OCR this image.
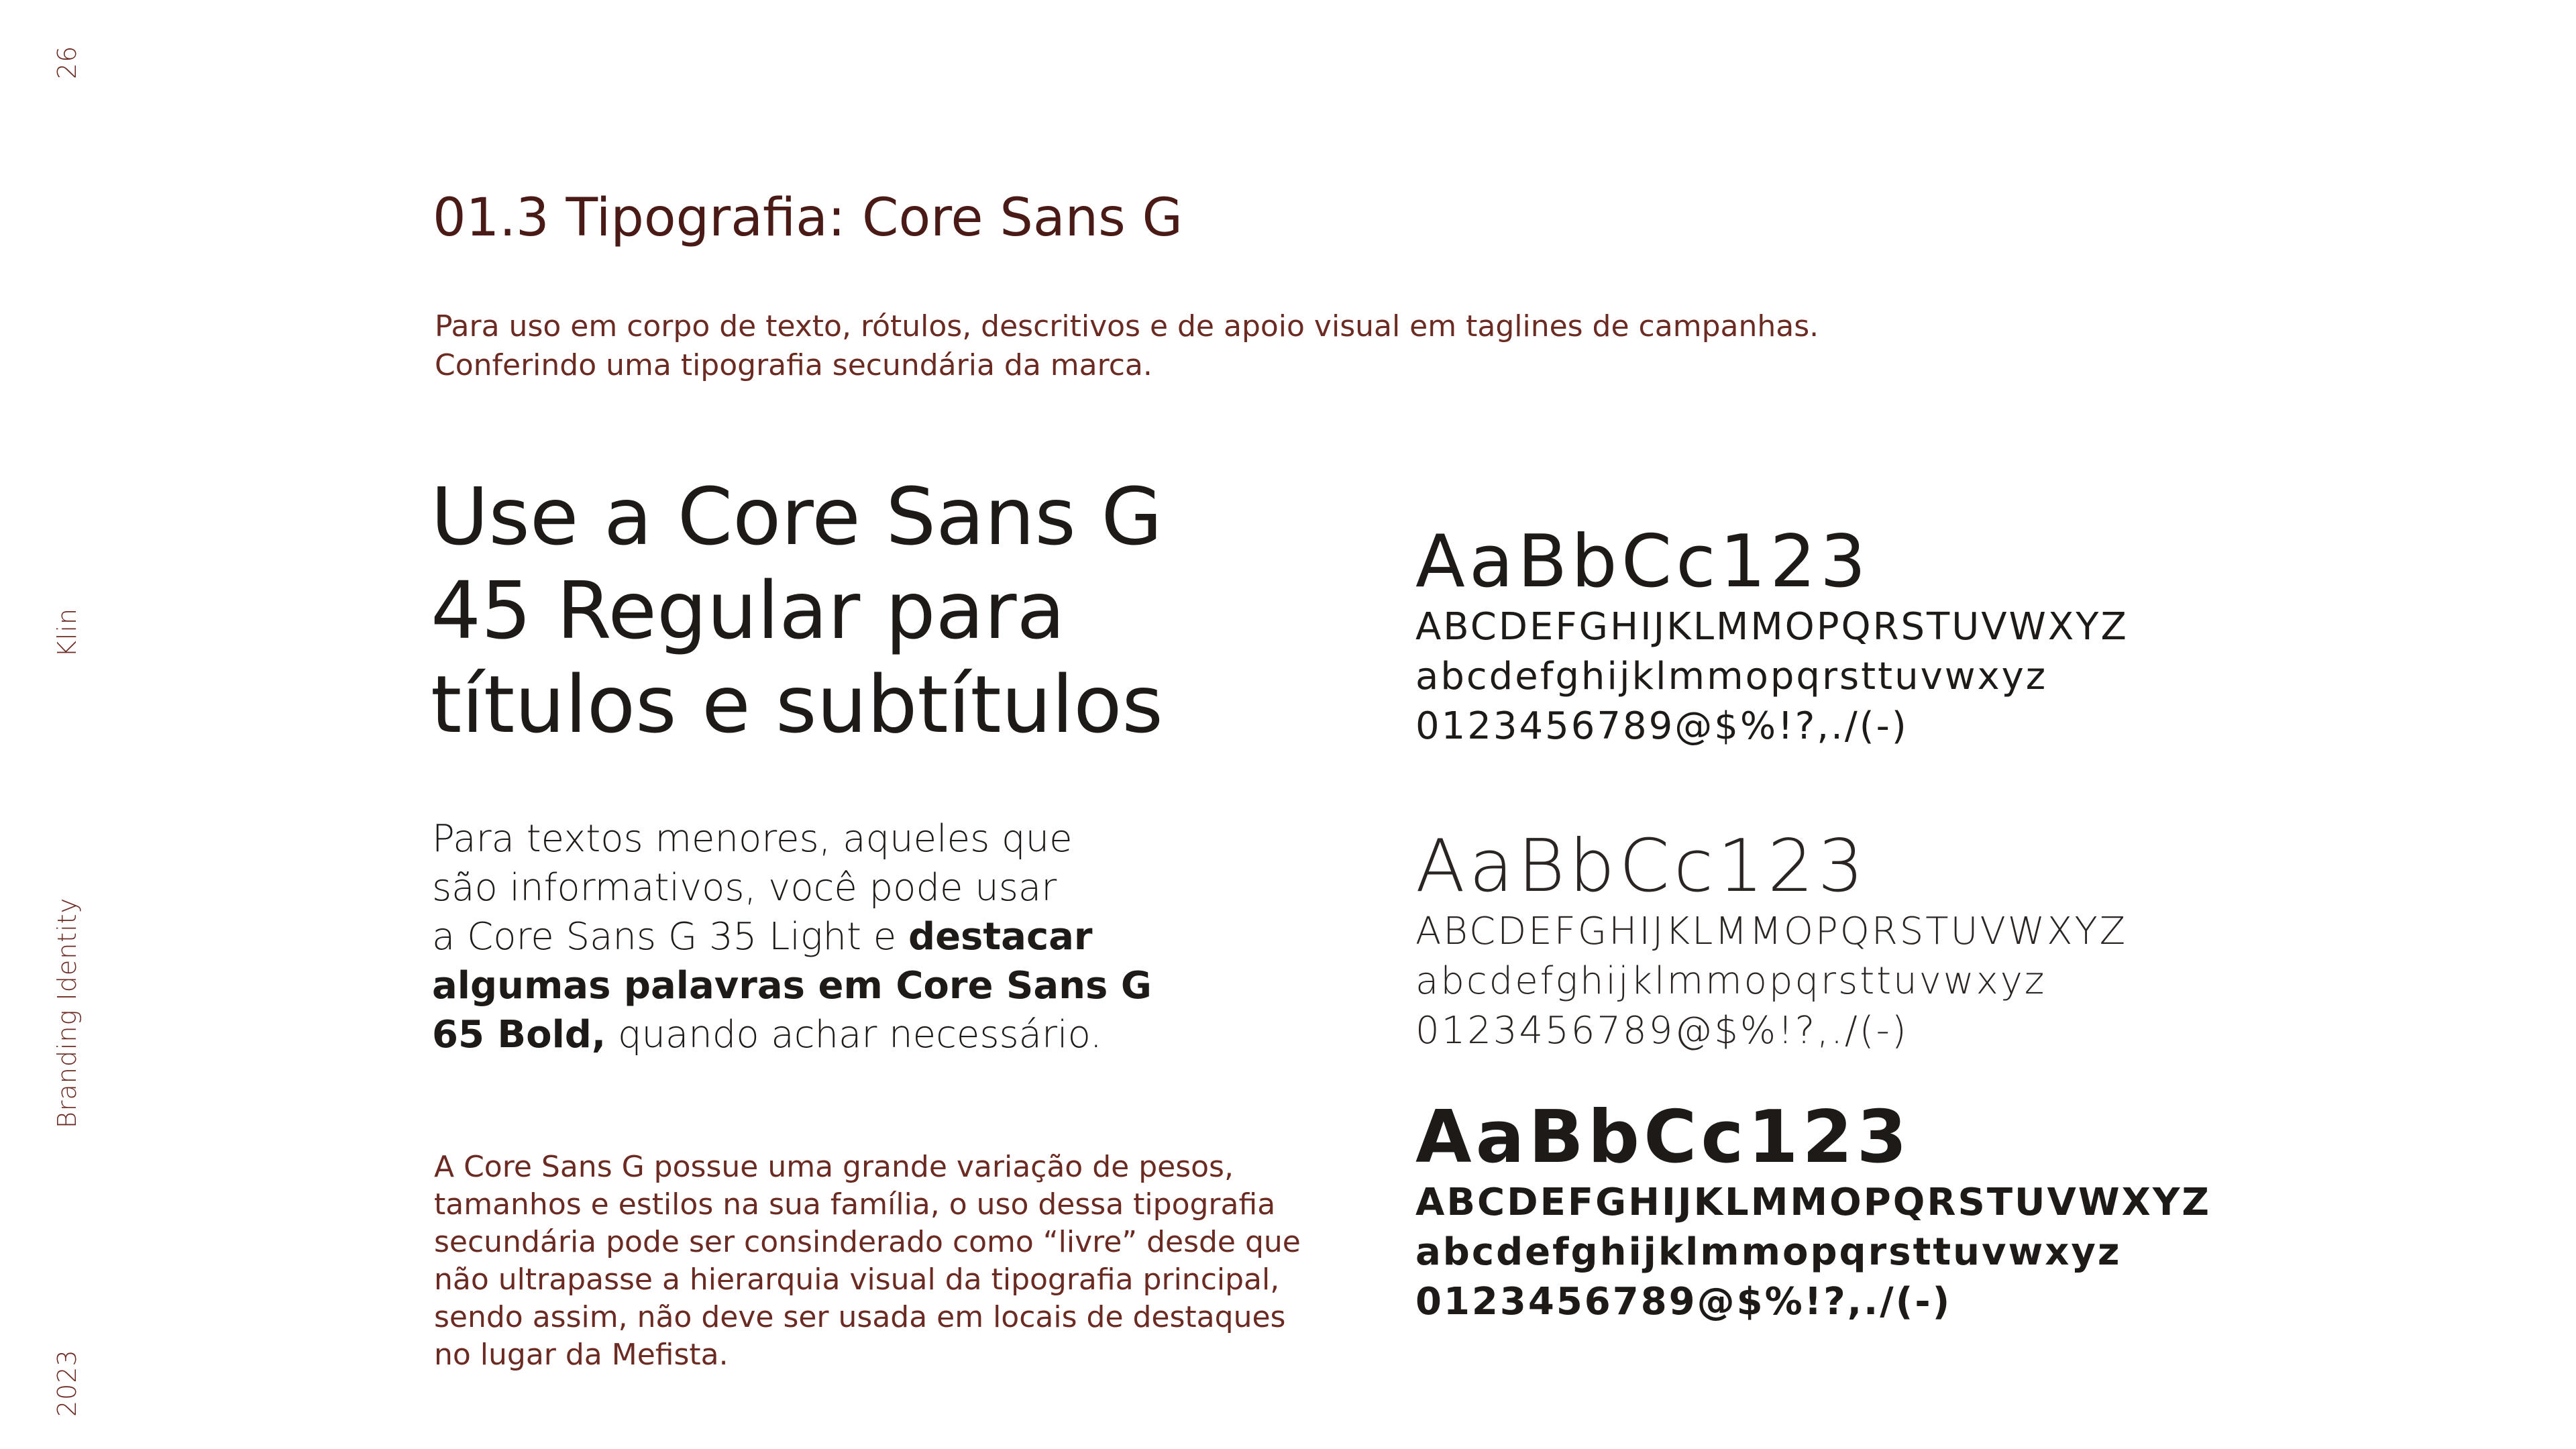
26
Klin
Branding Identity
2023
01.3 Tipografia: Core Sans G
Para uso em corpo de texto, rótulos, descritivos e de apoio visual em taglines de campanhas.
Conferindo uma tipografia secundária da marca.
Use a Core Sans G
45 Regular para
títulos e subtítulos
Para textos menores, aqueles que
são informativos, você pode usar
a Core Sans G 35 Light e destacar
algumas palavras em Core Sans G
65 Bold, quando achar necessário.
A Core Sans G possue uma grande variação de pesos,
tamanhos e estilos na sua família, o uso dessa tipografia
secundária pode ser consinderado como “livre” desde que
não ultrapasse a hierarquia visual da tipografia principal,
sendo assim, não deve ser usada em locais de destaques
no lugar da Mefista.
AaBbCc123
ABCDEFGHIJKLMMOPQRSTUVWXYZ
abcdefghijklmmopqrsttuvwxyz
0123456789@$%!?,./(-)
AaBbCc123
ABCDEFGHIJKLMMOPQRSTUVWXYZ
abcdefghijklmmopqrsttuvwxyz
0123456789@$%!?,./(-)
AaBbCc123
ABCDEFGHIJKLMMOPQRSTUVWXYZ
abcdefghijklmmopqrsttuvwxyz
0123456789@$%!?,./(-)
